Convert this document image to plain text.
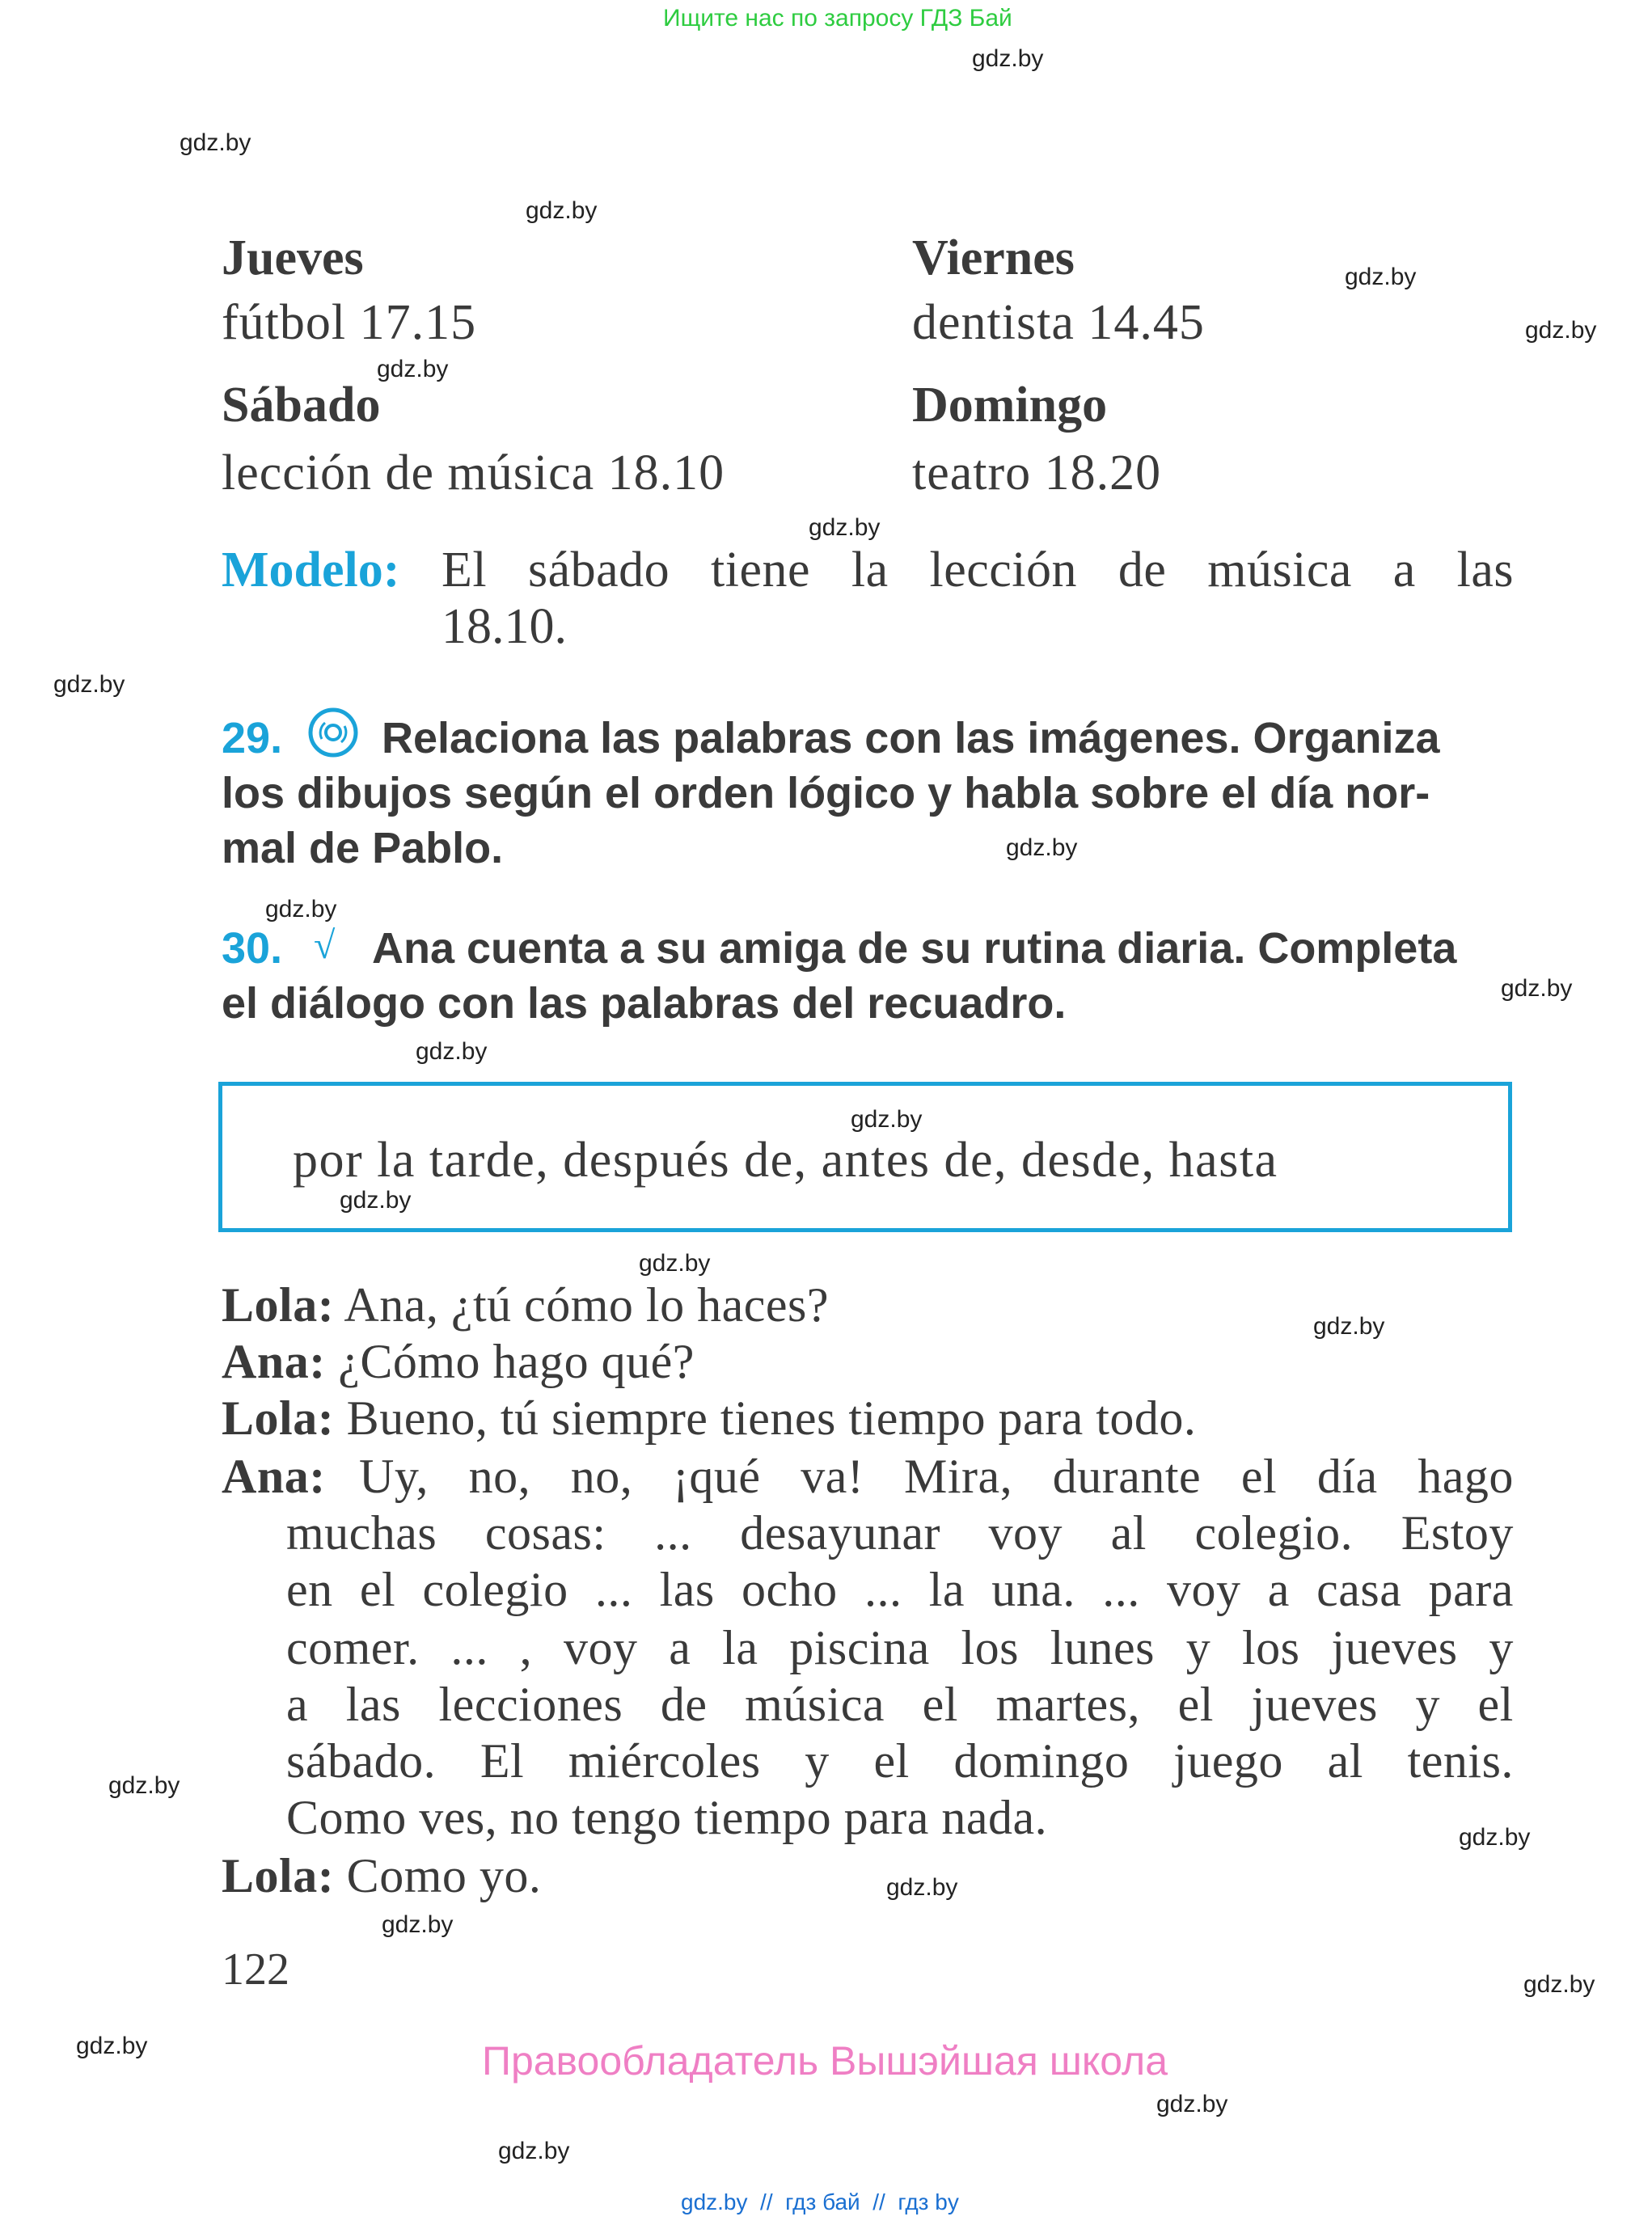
Ищите нас по запросу ГДЗ Бай
gdz.by
gdz.by
gdz.by
gdz.by
gdz.by
gdz.by
gdz.by
gdz.by
gdz.by
gdz.by
gdz.by
gdz.by
gdz.by
gdz.by
gdz.by
gdz.by
gdz.by
gdz.by
gdz.by
gdz.by
gdz.by
gdz.by
gdz.by
gdz.by
Jueves
fútbol 17.15
Viernes
dentista 14.45
Sábado
lección de música 18.10
Domingo
teatro 18.20
Modelo: El sábado tiene la lección de música a las
18.10.
29. Relaciona las palabras con las imágenes. Organiza
los dibujos según el orden lógico y habla sobre el día nor-
mal de Pablo.
30. √ Ana cuenta a su amiga de su rutina diaria. Completa
el diálogo con las palabras del recuadro.
por la tarde, después de, antes de, desde, hasta
Lola: Ana, ¿tú cómo lo haces?
Ana: ¿Cómo hago qué?
Lola: Bueno, tú siempre tienes tiempo para todo.
Ana: Uy, no, no, ¡qué va! Mira, durante el día hago
muchas cosas: ... desayunar voy al colegio. Estoy
en el colegio ... las ocho ... la una. ... voy a casa para
comer. ... , voy a la piscina los lunes y los jueves y
a las lecciones de música el martes, el jueves y el
sábado. El miércoles y el domingo juego al tenis.
Como ves, no tengo tiempo para nada.
Lola: Como yo.
122
Правообладатель Вышэйшая школа
gdz.by  //  гдз бай  //  гдз by
